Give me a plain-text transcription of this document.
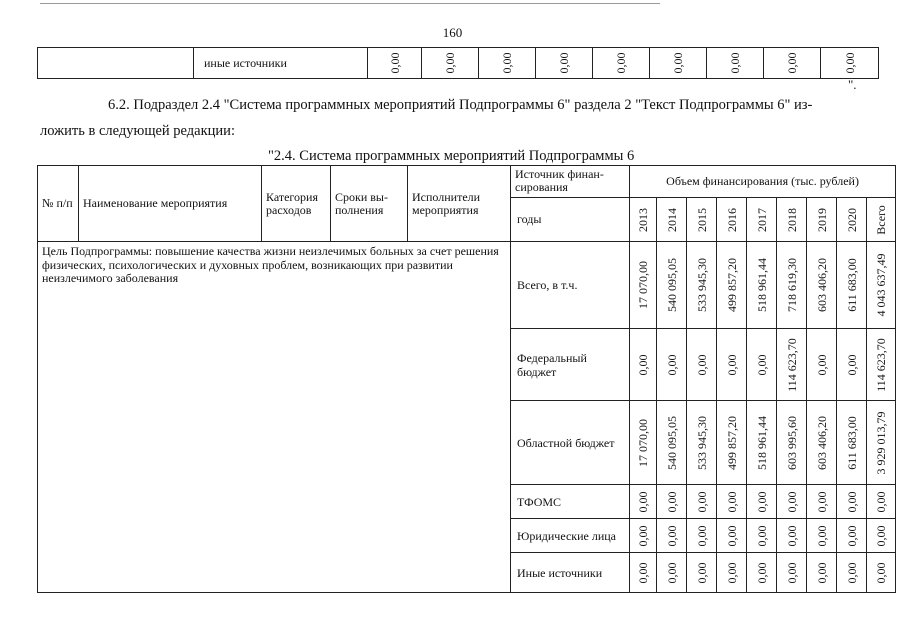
160
	иные источники	0,00	0,00	0,00	0,00	0,00	0,00	0,00	0,00	0,00
".
6.2. Подраздел 2.4 "Система программных мероприятий Подпрограммы 6" раздела 2 "Текст Подпрограммы 6" из-
ложить в следующей редакции:
"2.4. Система программных мероприятий Подпрограммы 6
№ п/п	Наименование мероприятия	Категория расходов	Сроки вы-полнения	Исполнители мероприятия	Источник финан-сирования	Объем финансирования (тыс. рублей)								
					годы	2013	2014	2015	2016	2017	2018	2019	2020	Всего

Цель Подпрограммы: повышение качества жизни неизлечимых больных за счет решения физических, психологических и духовных проблем, возникающих при развитии неизлечимого заболевания					Всего, в т.ч.	17 070,00	540 095,05	533 945,30	499 857,20	518 961,44	718 619,30	603 406,20	611 683,00	4 043 637,49

					Федеральный бюджет	0,00	0,00	0,00	0,00	0,00	114 623,70	0,00	0,00	114 623,70

					Областной бюджет	17 070,00	540 095,05	533 945,30	499 857,20	518 961,44	603 995,60	603 406,20	611 683,00	3 929 013,79

					ТФОМС	0,00	0,00	0,00	0,00	0,00	0,00	0,00	0,00	0,00

					Юридические лица	0,00	0,00	0,00	0,00	0,00	0,00	0,00	0,00	0,00

					Иные источники	0,00	0,00	0,00	0,00	0,00	0,00	0,00	0,00	0,00
